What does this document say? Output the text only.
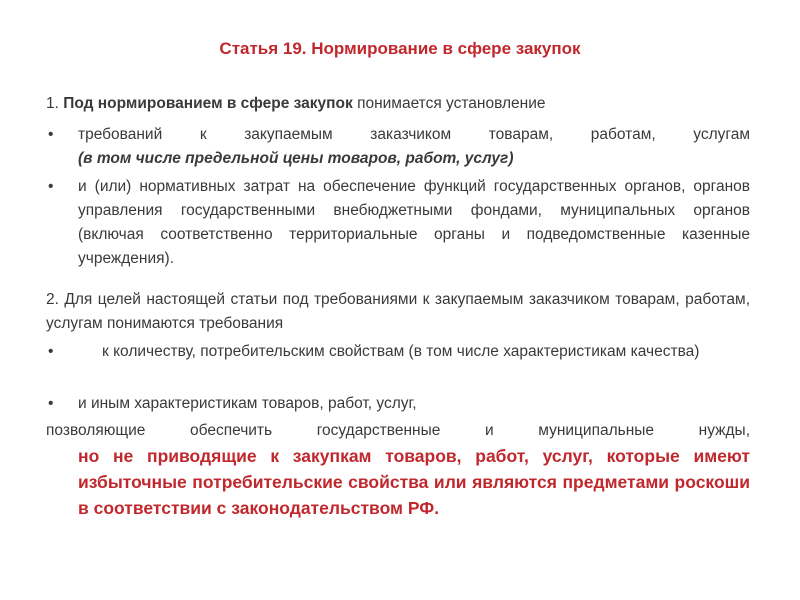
Статья 19. Нормирование в сфере закупок
1. Под нормированием в сфере закупок понимается установление
• требований к закупаемым заказчиком товарам, работам, услугам
(в том числе предельной цены товаров, работ, услуг)
• и (или) нормативных затрат на обеспечение функций государственных органов, органов управления государственными внебюджетными фондами, муниципальных органов (включая соответственно территориальные органы и подведомственные казенные учреждения).
2. Для целей настоящей статьи под требованиями к закупаемым заказчиком товарам, работам, услугам понимаются требования
•	к количеству, потребительским свойствам (в том числе характеристикам качества)
• и иным характеристикам товаров, работ, услуг,
позволяющие обеспечить государственные и муниципальные нужды,
но не приводящие к закупкам товаров, работ, услуг, которые имеют избыточные потребительские свойства или являются предметами роскоши в соответствии с законодательством РФ.
